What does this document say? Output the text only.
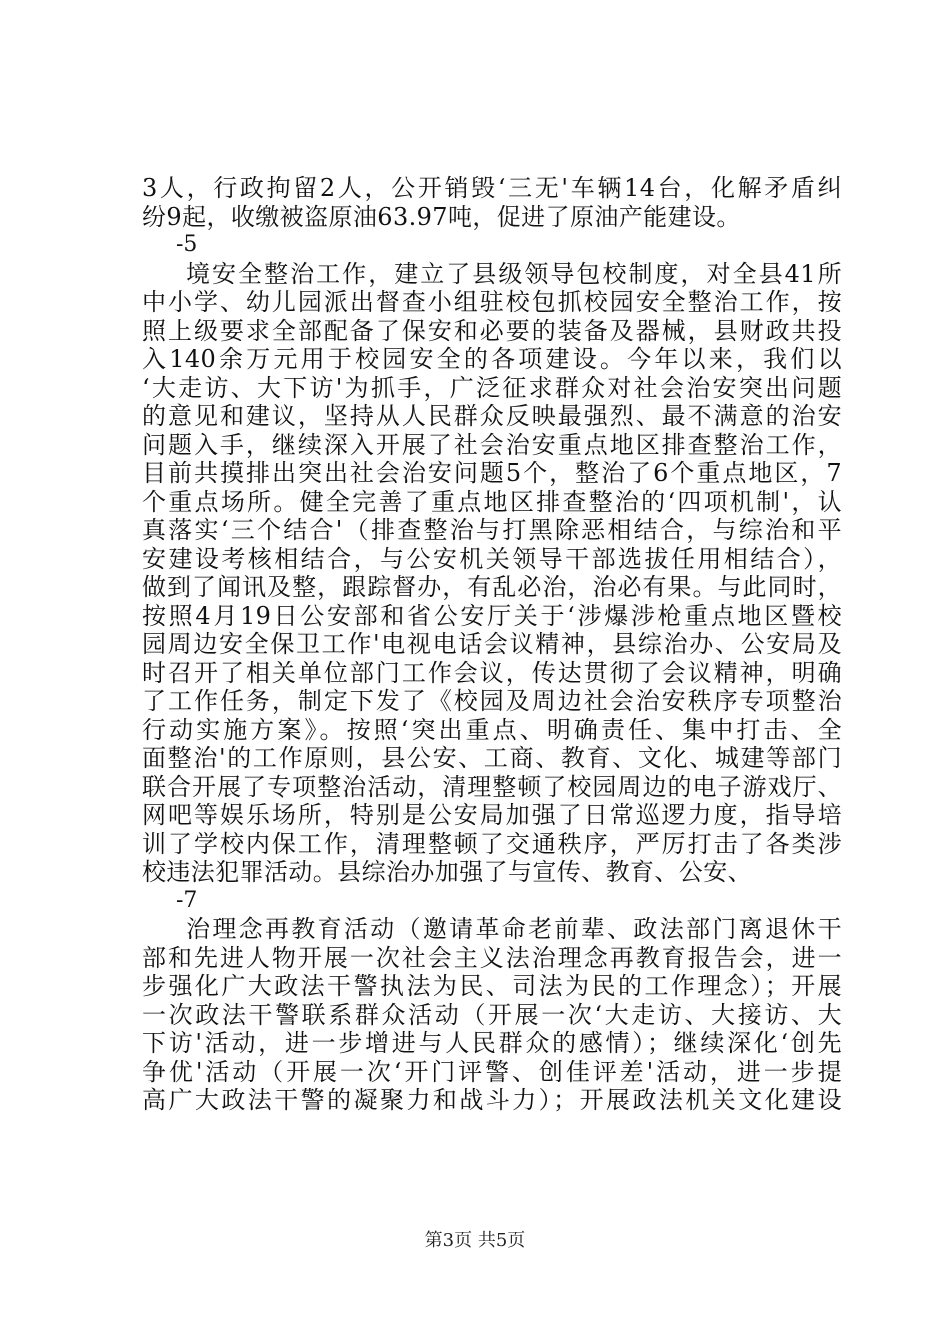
3人，行政拘留2人，公开销毁‘三无'车辆14台，化解矛盾纠
纷9起，收缴被盗原油63.97吨，促进了原油产能建设。
-5
境安全整治工作，建立了县级领导包校制度，对全县41所
中小学、幼儿园派出督查小组驻校包抓校园安全整治工作，按
照上级要求全部配备了保安和必要的装备及器械，县财政共投
入140余万元用于校园安全的各项建设。今年以来，我们以
‘大走访、大下访'为抓手，广泛征求群众对社会治安突出问题
的意见和建议，坚持从人民群众反映最强烈、最不满意的治安
问题入手，继续深入开展了社会治安重点地区排查整治工作，
目前共摸排出突出社会治安问题5个，整治了6个重点地区，7
个重点场所。健全完善了重点地区排查整治的‘四项机制'，认
真落实‘三个结合'（排查整治与打黑除恶相结合，与综治和平
安建设考核相结合，与公安机关领导干部选拔任用相结合），
做到了闻讯及整，跟踪督办，有乱必治，治必有果。与此同时，
按照4月19日公安部和省公安厅关于‘涉爆涉枪重点地区暨校
园周边安全保卫工作'电视电话会议精神，县综治办、公安局及
时召开了相关单位部门工作会议，传达贯彻了会议精神，明确
了工作任务，制定下发了《校园及周边社会治安秩序专项整治
行动实施方案》。按照‘突出重点、明确责任、集中打击、全
面整治'的工作原则，县公安、工商、教育、文化、城建等部门
联合开展了专项整治活动，清理整顿了校园周边的电子游戏厅、
网吧等娱乐场所，特别是公安局加强了日常巡逻力度，指导培
训了学校内保工作，清理整顿了交通秩序，严厉打击了各类涉
校违法犯罪活动。县综治办加强了与宣传、教育、公安、
-7
治理念再教育活动（邀请革命老前辈、政法部门离退休干
部和先进人物开展一次社会主义法治理念再教育报告会，进一
步强化广大政法干警执法为民、司法为民的工作理念）；开展
一次政法干警联系群众活动（开展一次‘大走访、大接访、大
下访'活动，进一步增进与人民群众的感情）；继续深化‘创先
争优'活动（开展一次‘开门评警、创佳评差'活动，进一步提
高广大政法干警的凝聚力和战斗力）；开展政法机关文化建设
第3页 共5页
